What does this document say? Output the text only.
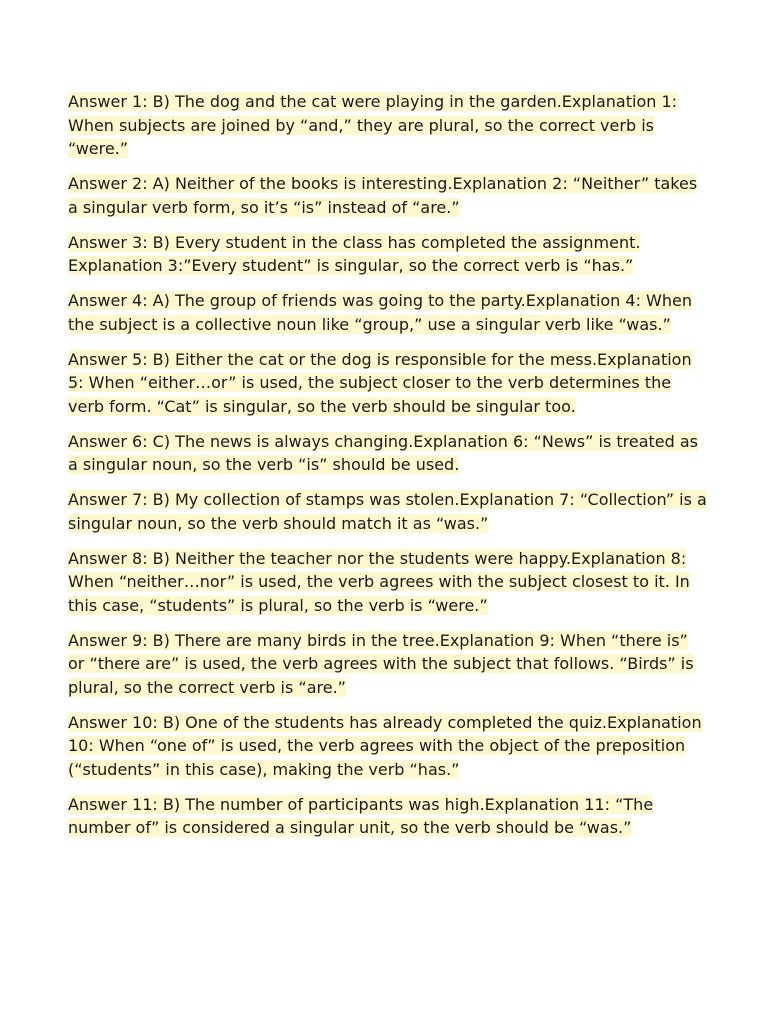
Answer 1: B) The dog and the cat were playing in the garden.Explanation 1: When subjects are joined by “and,” they are plural, so the correct verb is “were.”

Answer 2: A) Neither of the books is interesting.Explanation 2: “Neither” takes a singular verb form, so it’s “is” instead of “are.”

Answer 3: B) Every student in the class has completed the assignment. Explanation 3:”Every student” is singular, so the correct verb is “has.”

Answer 4: A) The group of friends was going to the party.Explanation 4: When the subject is a collective noun like “group,” use a singular verb like “was.”

Answer 5: B) Either the cat or the dog is responsible for the mess.Explanation 5: When “either…or” is used, the subject closer to the verb determines the verb form. “Cat” is singular, so the verb should be singular too.

Answer 6: C) The news is always changing.Explanation 6: “News” is treated as a singular noun, so the verb “is” should be used.

Answer 7: B) My collection of stamps was stolen.Explanation 7: “Collection” is a singular noun, so the verb should match it as “was.”

Answer 8: B) Neither the teacher nor the students were happy.Explanation 8: When “neither…nor” is used, the verb agrees with the subject closest to it. In this case, “students” is plural, so the verb is “were.”

Answer 9: B) There are many birds in the tree.Explanation 9: When “there is” or “there are” is used, the verb agrees with the subject that follows. “Birds” is plural, so the correct verb is “are.”

Answer 10: B) One of the students has already completed the quiz.Explanation 10: When “one of” is used, the verb agrees with the object of the preposition (“students” in this case), making the verb “has.”

Answer 11: B) The number of participants was high.Explanation 11: “The number of” is considered a singular unit, so the verb should be “was.”
